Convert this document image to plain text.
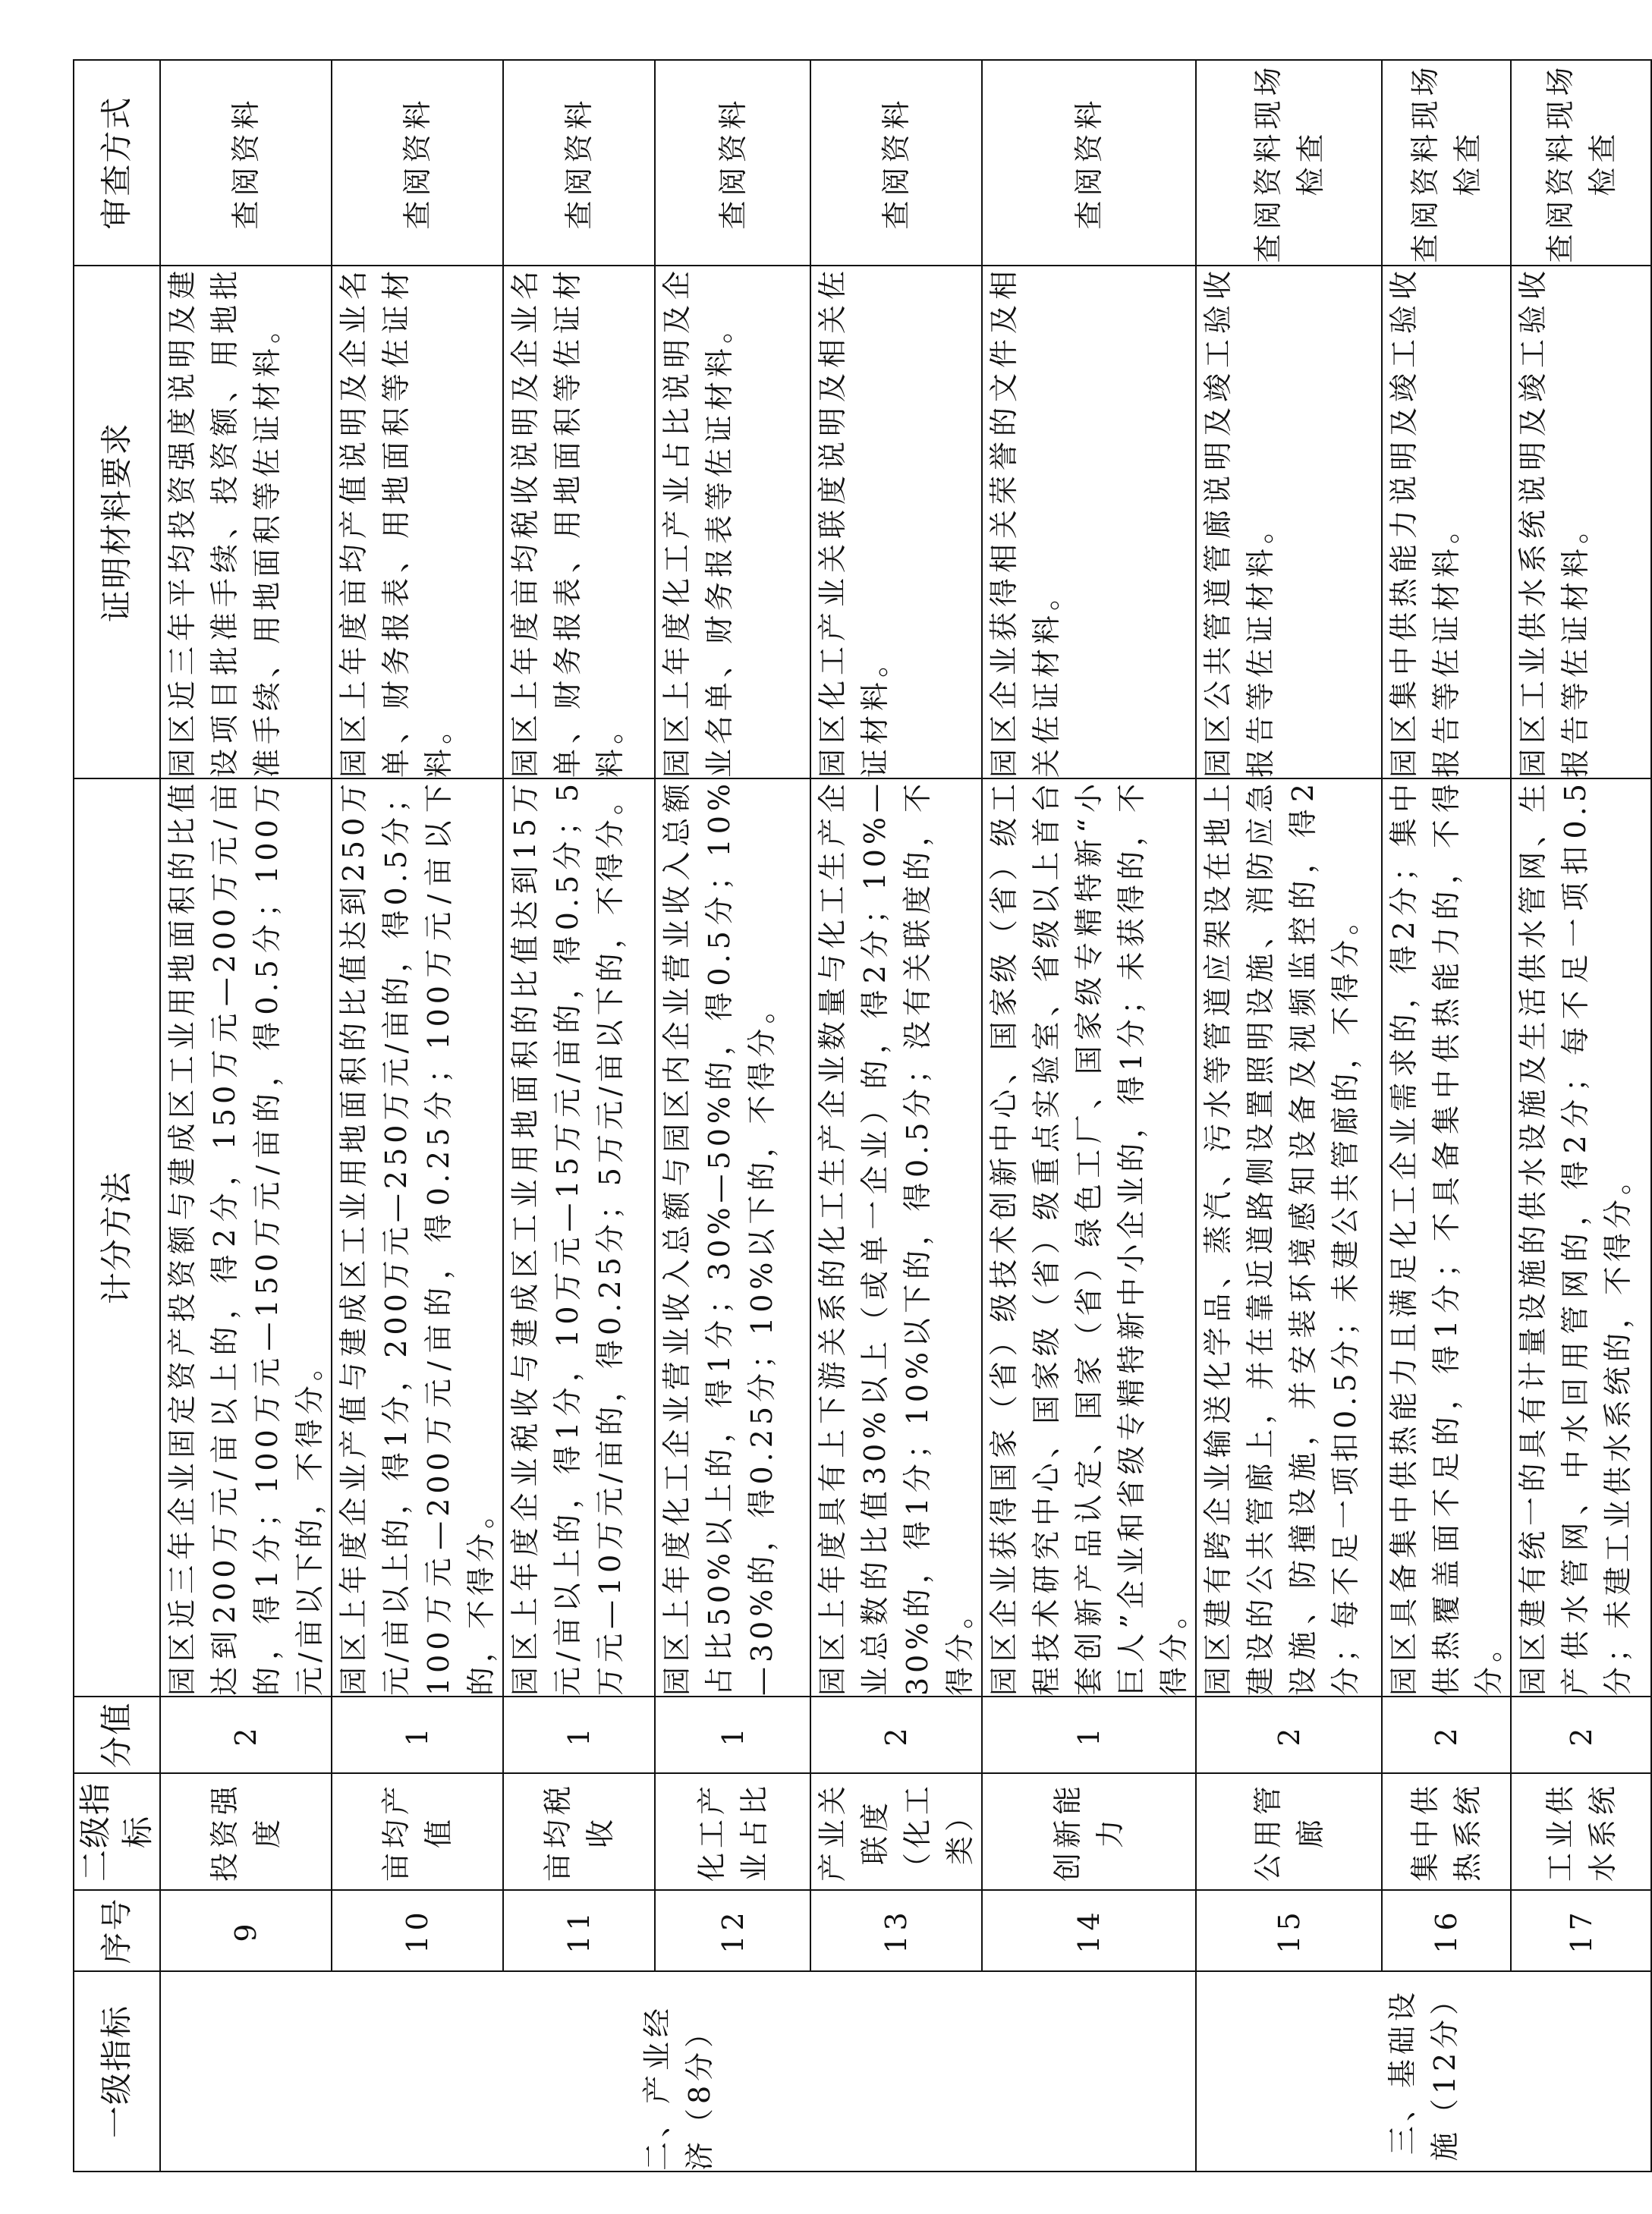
一级指标	序号	二级指标	分值	计分方法	证明材料要求	审查方式
二、产业经济（8分）	9	投资强度	2	园区近三年企业固定资产投资额与建成区工业用地面积的比值达到200万元/亩以上的，得2分，150万元—200万元/亩的，得1分；100万元—150万元/亩的，得0.5分；100万元/亩以下的，不得分。	园区近三年平均投资强度说明及建设项目批准手续、投资额、用地批准手续、用地面积等佐证材料。	查阅资料
	10	亩均产值	1	园区上年度企业产值与建成区工业用地面积的比值达到250万元/亩以上的，得1分，200万元—250万元/亩的，得0.5分；100万元—200万元/亩的，得0.25分；100万元/亩以下的，不得分。	园区上年度亩均产值说明及企业名单、财务报表、用地面积等佐证材料。	查阅资料
	11	亩均税收	1	园区上年度企业税收与建成区工业用地面积的比值达到15万元/亩以上的，得1分，10万元—15万元/亩的，得0.5分；5万元—10万元/亩的，得0.25分；5万元/亩以下的，不得分。	园区上年度亩均税收说明及企业名单、财务报表、用地面积等佐证材料。	查阅资料
	12	化工产业占比	1	园区上年度化工企业营业收入总额与园区内企业营业收入总额占比50%以上的，得1分；30%—50%的，得0.5分；10%—30%的，得0.25分；10%以下的，不得分。	园区上年度化工产业占比说明及企业名单、财务报表等佐证材料。	查阅资料
	13	产业关联度（化工类）	2	园区上年度具有上下游关系的化工生产企业数量与化工生产企业总数的比值30%以上（或单一企业）的，得2分；10%—30%的，得1分；10%以下的，得0.5分；没有关联度的，不得分。	园区化工产业关联度说明及相关佐证材料。	查阅资料
	14	创新能力	1	园区企业获得国家（省）级技术创新中心、国家级（省）级工程技术研究中心、国家级（省）级重点实验室、省级以上首台套创新产品认定、国家（省）绿色工厂、国家级专精特新“小巨人”企业和省级专精特新中小企业的，得1分；未获得的，不得分。	园区企业获得相关荣誉的文件及相关佐证材料。	查阅资料
三、基础设施（12分）	15	公用管廊	2	园区建有跨企业输送化学品、蒸汽、污水等管道应架设在地上建设的公共管廊上，并在靠近道路侧设置照明设施、消防应急设施、防撞设施，并安装环境感知设备及视频监控的，得2分；每不足一项扣0.5分；未建公共管廊的，不得分。	园区公共管道管廊说明及竣工验收报告等佐证材料。	查阅资料现场检查
	16	集中供热系统	2	园区具备集中供热能力且满足化工企业需求的，得2分；集中供热覆盖面不足的，得1分；不具备集中供热能力的，不得分。	园区集中供热能力说明及竣工验收报告等佐证材料。	查阅资料现场检查
	17	工业供水系统	2	园区建有统一的具有计量设施的供水设施及生活供水管网、生产供水管网、中水回用管网的，得2分；每不足一项扣0.5分；未建工业供水系统的，不得分。	园区工业供水系统说明及竣工验收报告等佐证材料。	查阅资料现场检查
